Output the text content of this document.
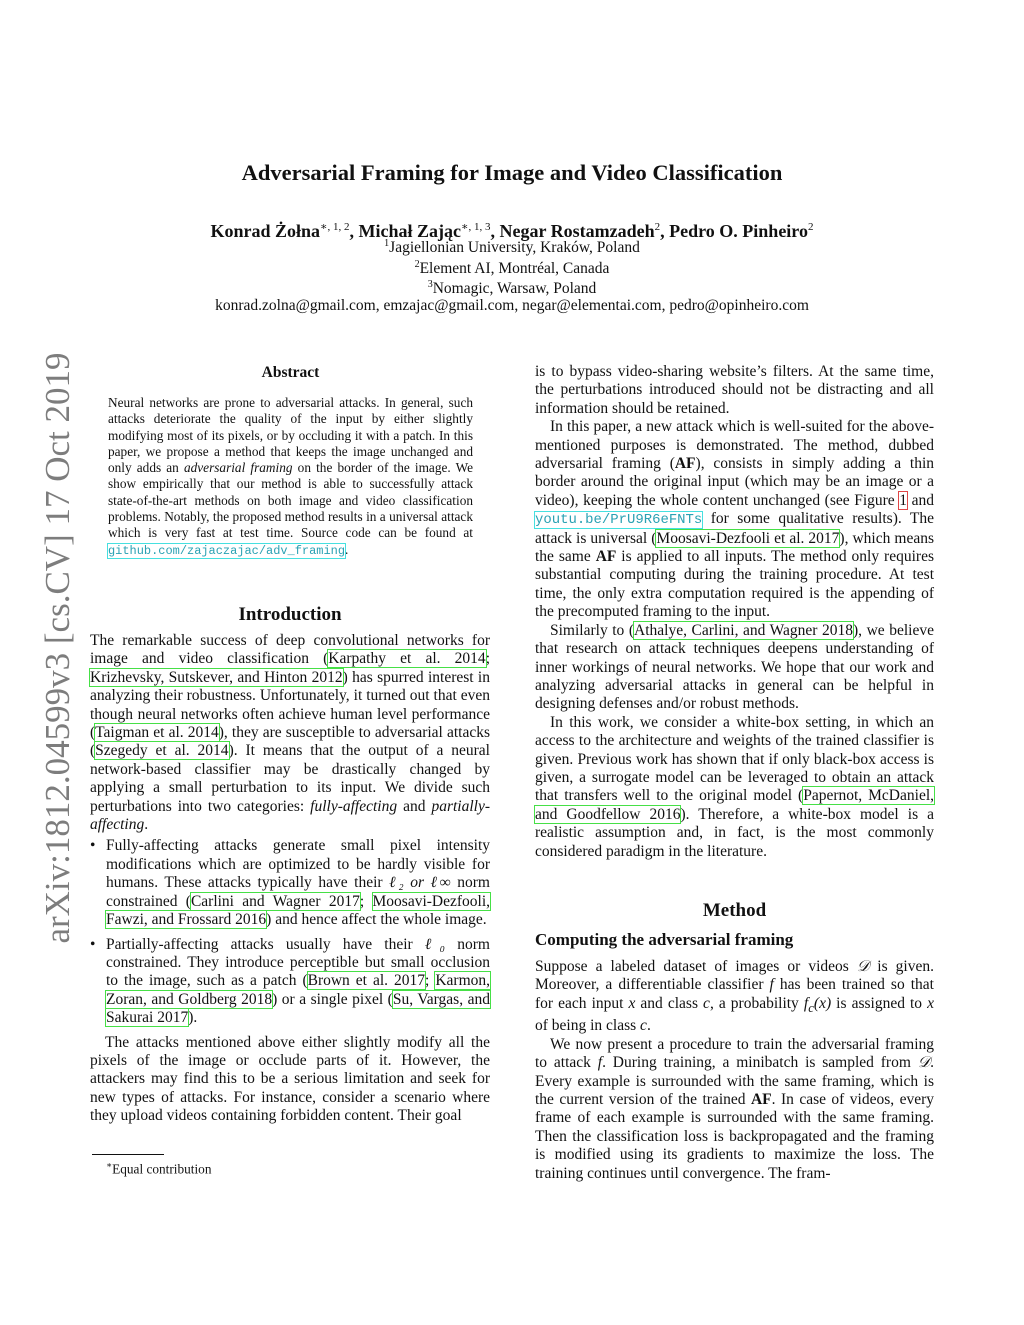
arXiv:1812.04599v3 [cs.CV] 17 Oct 2019
Adversarial Framing for Image and Video Classification
Konrad Żołna$^{∗, 1, 2}$, Michał Zając$^{∗, 1, 3}$, Negar Rostamzadeh$^2$, Pedro O. Pinheiro$^2$
$^1$Jagiellonian University, Kraków, Poland
$^2$Element AI, Montréal, Canada
$^3$Nomagic, Warsaw, Poland
konrad.zolna@gmail.com, emzajac@gmail.com, negar@elementai.com, pedro@opinheiro.com
Abstract
Neural networks are prone to adversarial attacks. In general, such attacks deteriorate the quality of the input by either slightly modifying most of its pixels, or by occluding it with a patch. In this paper, we propose a method that keeps the image unchanged and only adds an adversarial framing on the border of the image. We show empirically that our method is able to successfully attack state-of-the-art methods on both image and video classification problems. Notably, the proposed method results in a universal attack which is very fast at test time. Source code can be found at github.com/zajaczajac/adv_framing.
Introduction

The remarkable success of deep convolutional networks for image and video classification (Karpathy et al. 2014; Krizhevsky, Sutskever, and Hinton 2012) has spurred interest in analyzing their robustness. Unfortunately, it turned out that even though neural networks often achieve human level performance (Taigman et al. 2014), they are susceptible to adversarial attacks (Szegedy et al. 2014). It means that the output of a neural network-based classifier may be drastically changed by applying a small perturbation to its input. We divide such perturbations into two categories: fully-affecting and partially-affecting.

• Fully-affecting attacks generate small pixel intensity modifications which are optimized to be hardly visible for humans. These attacks typically have their ℓ₂ or ℓ∞ norm constrained (Carlini and Wagner 2017; Moosavi-Dezfooli, Fawzi, and Frossard 2016) and hence affect the whole image.
• Partially-affecting attacks usually have their ℓ₀ norm constrained. They introduce perceptible but small occlusion to the image, such as a patch (Brown et al. 2017; Karmon, Zoran, and Goldberg 2018) or a single pixel (Su, Vargas, and Sakurai 2017).

The attacks mentioned above either slightly modify all the pixels of the image or occlude parts of it. However, the attackers may find this to be a serious limitation and seek for new types of attacks. For instance, consider a scenario where they upload videos containing forbidden content. Their goal

∗Equal contribution

is to bypass video-sharing website’s filters. At the same time, the perturbations introduced should not be distracting and all information should be retained.

In this paper, a new attack which is well-suited for the above-mentioned purposes is demonstrated. The method, dubbed adversarial framing (AF), consists in simply adding a thin border around the original input (which may be an image or a video), keeping the whole content unchanged (see Figure 1 and youtu.be/PrU9R6eFNTs for some qualitative results). The attack is universal (Moosavi-Dezfooli et al. 2017), which means the same AF is applied to all inputs. The method only requires substantial computing during the training procedure. At test time, the only extra computation required is the appending of the precomputed framing to the input.

Similarly to (Athalye, Carlini, and Wagner 2018), we believe that research on attack techniques deepens understanding of inner workings of neural networks. We hope that our work and analyzing adversarial attacks in general can be helpful in designing defenses and/or robust methods.

In this work, we consider a white-box setting, in which an access to the architecture and weights of the trained classifier is given. Previous work has shown that if only black-box access is given, a surrogate model can be leveraged to obtain an attack that transfers well to the original model (Papernot, McDaniel, and Goodfellow 2016). Therefore, a white-box model is a realistic assumption and, in fact, is the most commonly considered paradigm in the literature.

Method
Computing the adversarial framing

Suppose a labeled dataset of images or videos 𝒟 is given. Moreover, a differentiable classifier f has been trained so that for each input x and class c, a probability $f_c(x)$ is assigned to x of being in class c.

We now present a procedure to train the adversarial framing to attack f. During training, a minibatch is sampled from 𝒟. Every example is surrounded with the same framing, which is the current version of the trained AF. In case of videos, every frame of each example is surrounded with the same framing. Then the classification loss is backpropagated and the framing is modified using its gradients to maximize the loss. The training continues until convergence. The fram-
